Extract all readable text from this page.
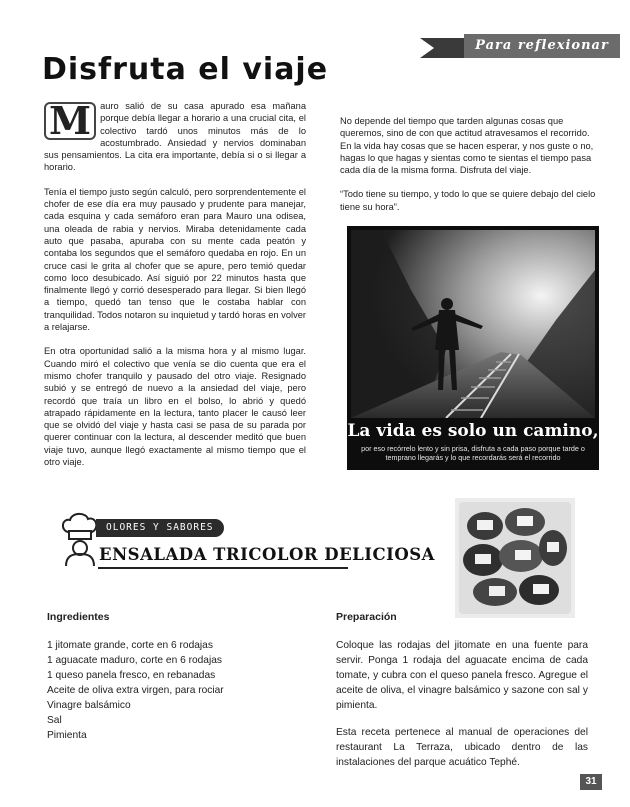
Para reflexionar
Disfruta el viaje

M auro salió de su casa apurado esa mañana porque debía llegar a horario a una crucial cita, el colectivo tardó unos minutos más de lo acostumbrado. Ansiedad y nervios dominaban sus pensamientos. La cita era importante, debía si o si llegar a horario.

Tenía el tiempo justo según calculó, pero sorprendentemente el chofer de ese día era muy pausado y prudente para manejar, cada esquina y cada semáforo eran para Mauro una odisea, una oleada de rabia y nervios. Miraba detenidamente cada auto que pasaba, apuraba con su mente cada peatón y contaba los segundos que el semáforo quedaba en rojo. En un cruce casi le grita al chofer que se apure, pero temió quedar como loco desubicado. Así siguió por 22 minutos hasta que finalmente llegó y corrió desesperado para llegar. Si bien llegó a tiempo, quedó tan tenso que le costaba hablar con tranquilidad. Todos notaron su inquietud y tardó horas en volver a relajarse.

En otra oportunidad salió a la misma hora y al mismo lugar. Cuando miró el colectivo que venía se dio cuenta que era el mismo chofer tranquilo y pausado del otro viaje. Resignado subió y se entregó de nuevo a la ansiedad del viaje, pero recordó que traía un libro en el bolso, lo abrió y quedó atrapado rápidamente en la lectura, tanto placer le causó leer que se olvidó del viaje y hasta casi se pasa de su parada por querer continuar con la lectura, al descender meditó que buen viaje tuvo, aunque llegó exactamente al mismo tiempo que el otro viaje.

No depende del tiempo que tarden algunas cosas que queremos, sino de con que actitud atravesamos el recorrido. En la vida hay cosas que se hacen esperar, y nos guste o no, hagas lo que hagas y sientas como te sientas el tiempo pasa cada día de la misma forma. Disfruta del viaje.

“Todo tiene su tiempo, y todo lo que se quiere debajo del cielo tiene su hora”.

La vida es solo un camino,
por eso recórrelo lento y sin prisa, disfruta a cada paso porque tarde o temprano llegarás y lo que recordarás será el recorrido
OLORES Y SABORES
ENSALADA TRICOLOR DELICIOSA
Ingredientes
1 jitomate grande, corte en 6 rodajas
1 aguacate maduro, corte en 6 rodajas
1 queso panela fresco, en rebanadas
Aceite de oliva extra virgen, para rociar
Vinagre balsámico
Sal
Pimienta
Preparación

Coloque las rodajas del jitomate en una fuente para servir. Ponga 1 rodaja del aguacate encima de cada tomate, y cubra con el queso panela fresco. Agregue el aceite de oliva, el vinagre balsámico y sazone con sal y pimienta.

Esta receta pertenece al manual de operaciones del restaurant La Terraza, ubicado dentro de las instalaciones del parque acuático Tephé.

31
